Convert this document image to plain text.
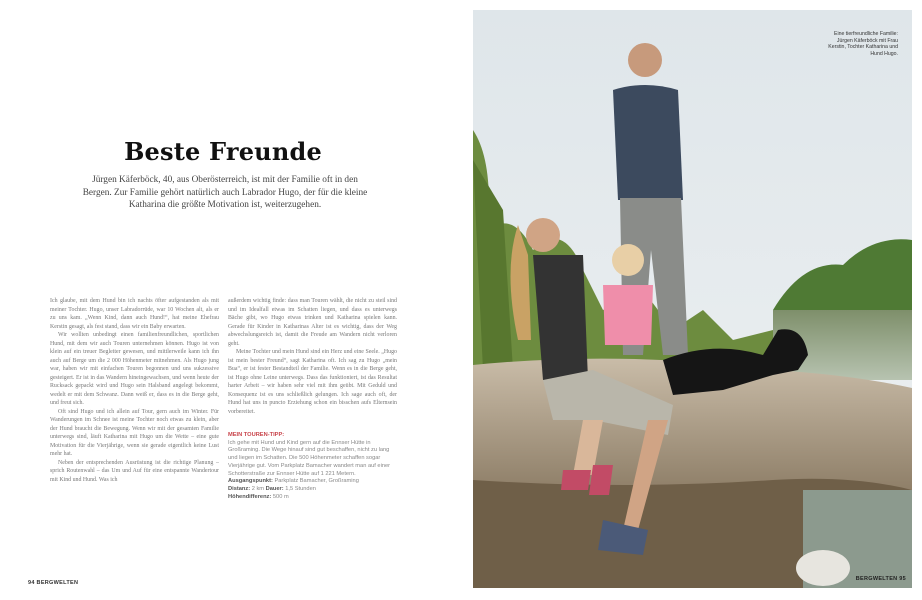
Beste Freunde
Jürgen Käferböck, 40, aus Oberösterreich, ist mit der Familie oft in den Bergen. Zur Familie gehört natürlich auch Labrador Hugo, der für die kleine Katharina die größte Motivation ist, weiterzugehen.

Ich glaube, mit dem Hund bin ich nachts öfter aufgestanden als mit meiner Tochter. Hugo, unser Labradorrüde, war 10 Wochen alt, als er zu uns kam. „Wenn Kind, dann auch Hund!“, hat meine Ehefrau Kerstin gesagt, als fest stand, dass wir ein Baby erwarten.

Wir wollten unbedingt einen familienfreundlichen, sportlichen Hund, mit dem wir auch Touren unternehmen können. Hugo ist von klein auf ein treuer Begleiter gewesen, und mittlerweile kann ich ihn auch auf Berge um die 2 000 Höhenmeter mitnehmen. Als Hugo jung war, haben wir mit einfachen Touren begonnen und uns sukzessive gesteigert. Er ist in das Wandern hineingewachsen, und wenn heute der Rucksack gepackt wird und Hugo sein Halsband angelegt bekommt, wedelt er mit dem Schwanz. Dann weiß er, dass es in die Berge geht, und freut sich.

Oft sind Hugo und ich allein auf Tour, gern auch im Winter. Für Wanderungen im Schnee ist meine Tochter noch etwas zu klein, aber der Hund braucht die Bewegung. Wenn wir mit der gesamten Familie unterwegs sind, läuft Katharina mit Hugo um die Wette – eine gute Motivation für die Vierjährige, wenn sie gerade eigentlich keine Lust mehr hat.

Neben der entsprechenden Ausrüstung ist die richtige Planung – sprich Routenwahl – das Um und Auf für eine entspannte Wandertour mit Kind und Hund. Was ich

außerdem wichtig finde: dass man Touren wählt, die nicht zu steil sind und im Idealfall etwas im Schatten liegen, und dass es unterwegs Bäche gibt, wo Hugo etwas trinken und Katharina spielen kann. Gerade für Kinder in Katharinas Alter ist es wichtig, dass der Weg abwechslungsreich ist, damit die Freude am Wandern nicht verloren geht.

Meine Tochter und mein Hund sind ein Herz und eine Seele. „Hugo ist mein bester Freund“, sagt Katharina oft. Ich sag zu Hugo „mein Bua“, er ist fester Bestandteil der Familie. Wenn es in die Berge geht, ist Hugo ohne Leine unterwegs. Dass das funktioniert, ist das Resultat harter Arbeit – wir haben sehr viel mit ihm geübt. Mit Geduld und Konsequenz ist es uns schließlich gelungen. Ich sage auch oft, der Hund hat uns in puncto Erziehung schon ein bisschen aufs Elternsein vorbereitet.

MEIN TOUREN-TIPP:
Ich gehe mit Hund und Kind gern auf die Ennser Hütte in Großraming. Die Wege hinauf sind gut beschaffen, nicht zu lang und liegen im Schatten. Die 500 Höhenmeter schaffen sogar Vierjährige gut. Vom Parkplatz Bamacher wandert man auf einer Schotterstraße zur Ennser Hütte auf 1 221 Metern.
Ausgangspunkt: Parkplatz Bamacher, Großraming
Distanz: 2 km Dauer: 1,5 Stunden
Höhendifferenz: 500 m
94 BERGWELTEN
Eine tierfreundliche Familie: Jürgen Käferböck mit Frau Kerstin, Tochter Katharina und Hund Hugo.
BERGWELTEN 95
